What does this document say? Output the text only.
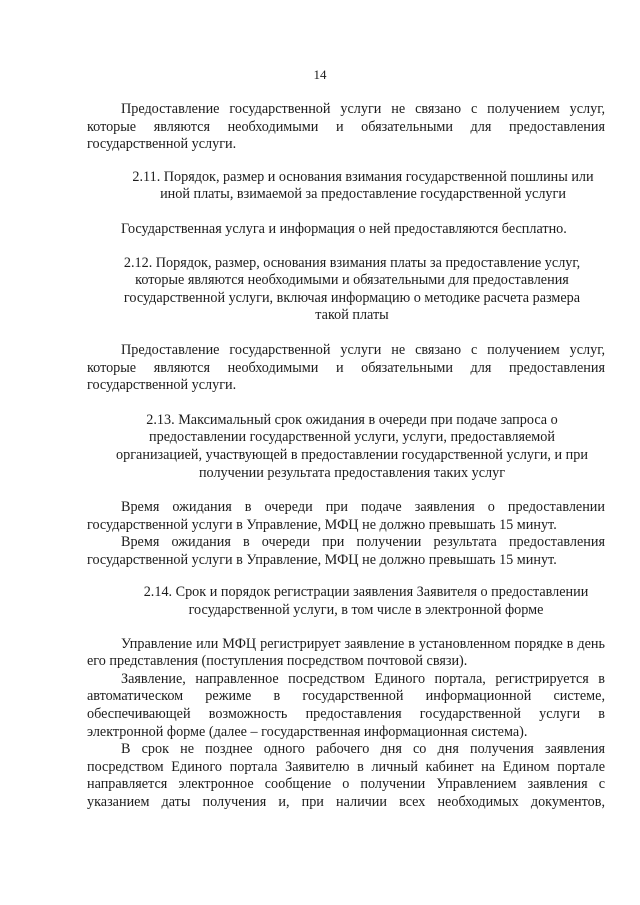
14

Предоставление государственной услуги не связано с получением услуг, которые являются необходимыми и обязательными для предоставления государственной услуги.

2.11. Порядок, размер и основания взимания государственной пошлины или иной платы, взимаемой за предоставление государственной услуги

Государственная услуга и информация о ней предоставляются бесплатно.

2.12. Порядок, размер, основания взимания платы за предоставление услуг, которые являются необходимыми и обязательными для предоставления государственной услуги, включая информацию о методике расчета размера такой платы

Предоставление государственной услуги не связано с получением услуг, которые являются необходимыми и обязательными для предоставления государственной услуги.

2.13. Максимальный срок ожидания в очереди при подаче запроса о предоставлении государственной услуги, услуги, предоставляемой организацией, участвующей в предоставлении государственной услуги, и при получении результата предоставления таких услуг

Время ожидания в очереди при подаче заявления о предоставлении государственной услуги в Управление, МФЦ не должно превышать 15 минут.

Время ожидания в очереди при получении результата предоставления государственной услуги в Управление, МФЦ не должно превышать 15 минут.

2.14. Срок и порядок регистрации заявления Заявителя о предоставлении государственной услуги, в том числе в электронной форме

Управление или МФЦ регистрирует заявление в установленном порядке в день его представления (поступления посредством почтовой связи).

Заявление, направленное посредством Единого портала, регистрируется в автоматическом режиме в государственной информационной системе, обеспечивающей возможность предоставления государственной услуги в электронной форме (далее – государственная информационная система).

В срок не позднее одного рабочего дня со дня получения заявления посредством Единого портала Заявителю в личный кабинет на Едином портале направляется электронное сообщение о получении Управлением заявления с указанием даты получения и, при наличии всех необходимых документов,
